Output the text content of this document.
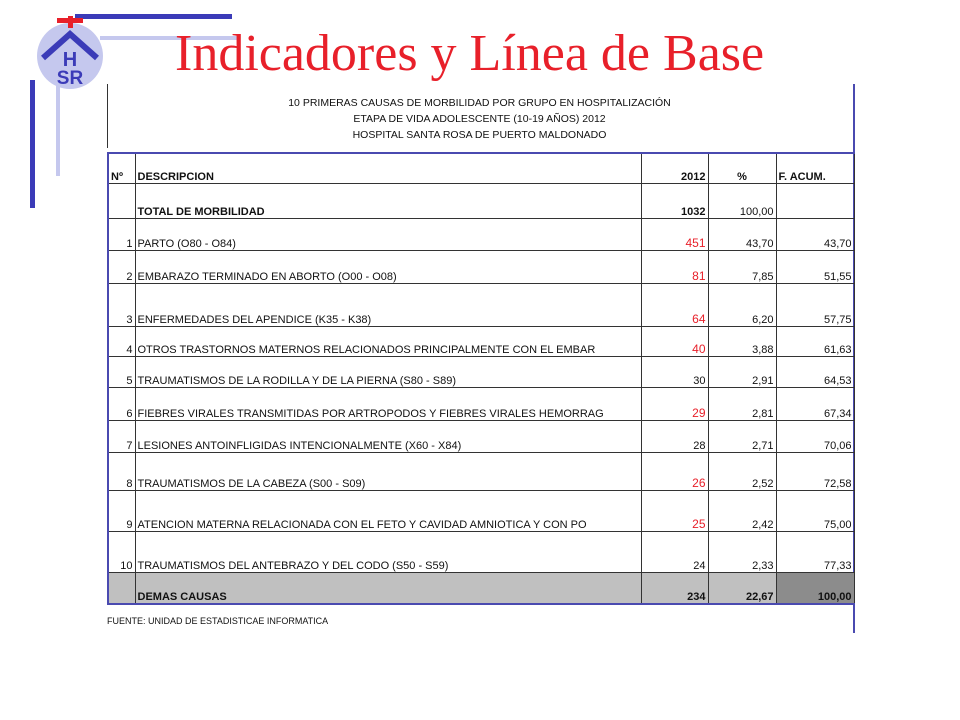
H
SR Indicadores y Línea de Base
10 PRIMERAS CAUSAS DE MORBILIDAD POR GRUPO EN HOSPITALIZACIÓN
ETAPA DE VIDA ADOLESCENTE (10-19 AÑOS) 2012
HOSPITAL SANTA ROSA DE PUERTO MALDONADO
Nº	DESCRIPCION	2012	%	F. ACUM.
	TOTAL DE MORBILIDAD	1032	100,00	
1	PARTO (O80 - O84)	451	43,70	43,70
2	EMBARAZO TERMINADO EN ABORTO (O00 - O08)	81	7,85	51,55
3	ENFERMEDADES DEL APENDICE (K35 - K38)	64	6,20	57,75
4	OTROS TRASTORNOS MATERNOS RELACIONADOS PRINCIPALMENTE CON EL EMBAR	40	3,88	61,63
5	TRAUMATISMOS DE LA RODILLA Y DE LA PIERNA (S80 - S89)	30	2,91	64,53
6	FIEBRES VIRALES TRANSMITIDAS POR ARTROPODOS Y FIEBRES VIRALES HEMORRAG	29	2,81	67,34
7	LESIONES ANTOINFLIGIDAS INTENCIONALMENTE (X60 - X84)	28	2,71	70,06
8	TRAUMATISMOS DE LA CABEZA (S00 - S09)	26	2,52	72,58
9	ATENCION MATERNA RELACIONADA CON EL FETO Y CAVIDAD AMNIOTICA Y CON PO	25	2,42	75,00
10	TRAUMATISMOS DEL ANTEBRAZO Y DEL CODO (S50 - S59)	24	2,33	77,33
	DEMAS CAUSAS	234	22,67	100,00
FUENTE: UNIDAD DE ESTADISTICAE INFORMATICA
